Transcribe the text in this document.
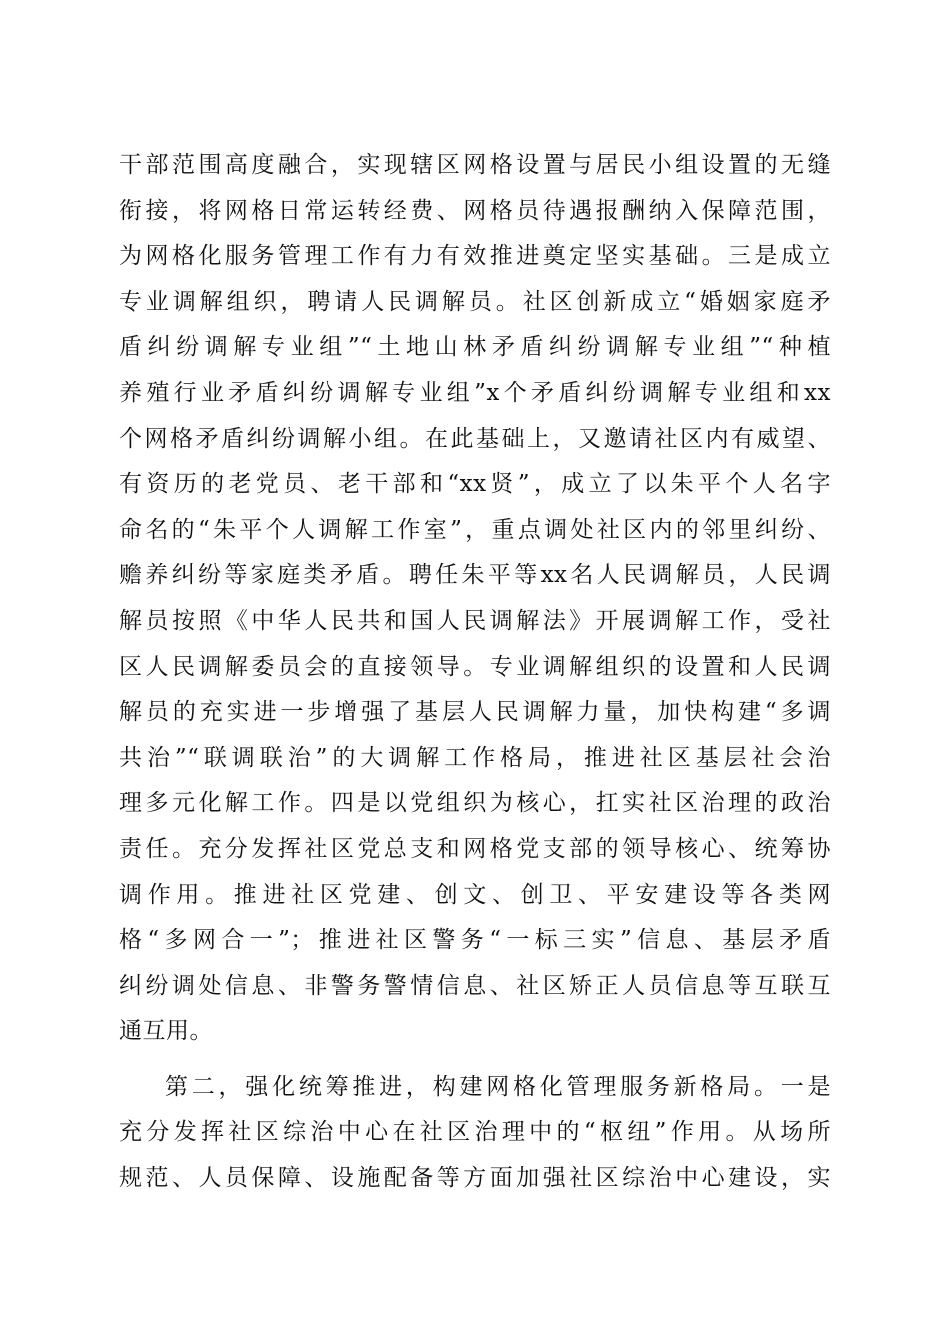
干部范围高度融合，实现辖区网格设置与居民小组设置的无缝
衔接，将网格日常运转经费、网格员待遇报酬纳入保障范围，
为网格化服务管理工作有力有效推进奠定坚实基础。三是成立
专业调解组织，聘请人民调解员。社区创新成立“婚姻家庭矛
盾纠纷调解专业组”“土地山林矛盾纠纷调解专业组”“种植
养殖行业矛盾纠纷调解专业组”x个矛盾纠纷调解专业组和xx
个网格矛盾纠纷调解小组。在此基础上，又邀请社区内有威望、
有资历的老党员、老干部和“xx贤”，成立了以朱平个人名字
命名的“朱平个人调解工作室”，重点调处社区内的邻里纠纷、
赡养纠纷等家庭类矛盾。聘任朱平等xx名人民调解员，人民调
解员按照《中华人民共和国人民调解法》开展调解工作，受社
区人民调解委员会的直接领导。专业调解组织的设置和人民调
解员的充实进一步增强了基层人民调解力量，加快构建“多调
共治”“联调联治”的大调解工作格局，推进社区基层社会治
理多元化解工作。四是以党组织为核心，扛实社区治理的政治
责任。充分发挥社区党总支和网格党支部的领导核心、统筹协
调作用。推进社区党建、创文、创卫、平安建设等各类网
格“多网合一”；推进社区警务“一标三实”信息、基层矛盾
纠纷调处信息、非警务警情信息、社区矫正人员信息等互联互
通互用。
第二，强化统筹推进，构建网格化管理服务新格局。一是
充分发挥社区综治中心在社区治理中的“枢纽”作用。从场所
规范、人员保障、设施配备等方面加强社区综治中心建设，实
